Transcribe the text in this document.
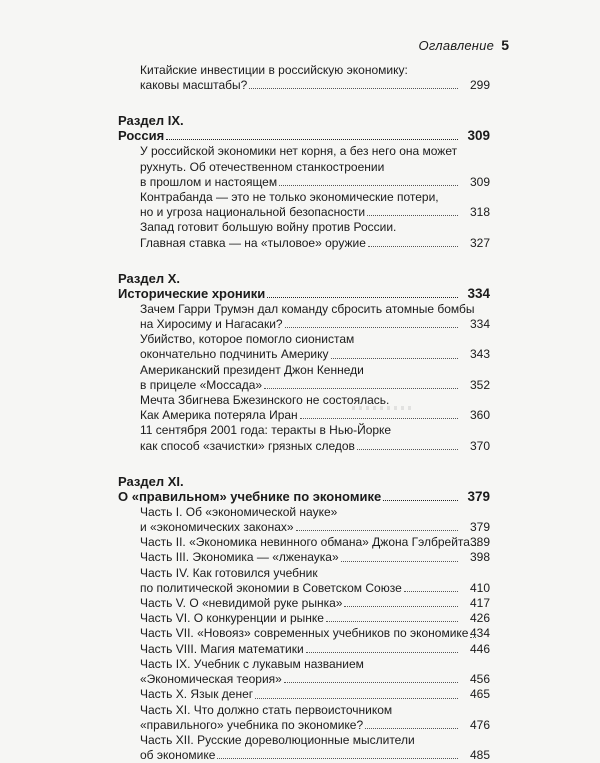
Оглавление 5
Китайские инвестиции в российскую экономику:
каковы масштабы?	299
Раздел IX.
Россия	309
У российской экономики нет корня, а без него она может
рухнуть. Об отечественном станкостроении
в прошлом и настоящем	309
Контрабанда — это не только экономические потери,
но и угроза национальной безопасности	318
Запад готовит большую войну против России.
Главная ставка — на «тыловое» оружие	327
Раздел X.
Исторические хроники	334
Зачем Гарри Трумэн дал команду сбросить атомные бомбы
на Хиросиму и Нагасаки?	334
Убийство, которое помогло сионистам
окончательно подчинить Америку	343
Американский президент Джон Кеннеди
в прицеле «Моссада»	352
Мечта Збигнева Бжезинского не состоялась.
Как Америка потеряла Иран	360
11 сентября 2001 года: теракты в Нью-Йорке
как способ «зачистки» грязных следов	370
Раздел XI.
О «правильном» учебнике по экономике	379
Часть I. Об «экономической науке»
и «экономических законах»	379
Часть II. «Экономика невинного обмана» Джона Гэлбрейта 389
Часть III. Экономика — «лженаука»	398
Часть IV. Как готовился учебник
по политической экономии в Советском Союзе	410
Часть V. О «невидимой руке рынка»	417
Часть VI. О конкуренции и рынке	426
Часть VII. «Новояз» современных учебников по экономике 434
Часть VIII. Магия математики	446
Часть IX. Учебник с лукавым названием
«Экономическая теория»	456
Часть X. Язык денег	465
Часть XI. Что должно стать первоисточником
«правильного» учебника по экономике?	476
Часть XII. Русские дореволюционные мыслители
об экономике	485
